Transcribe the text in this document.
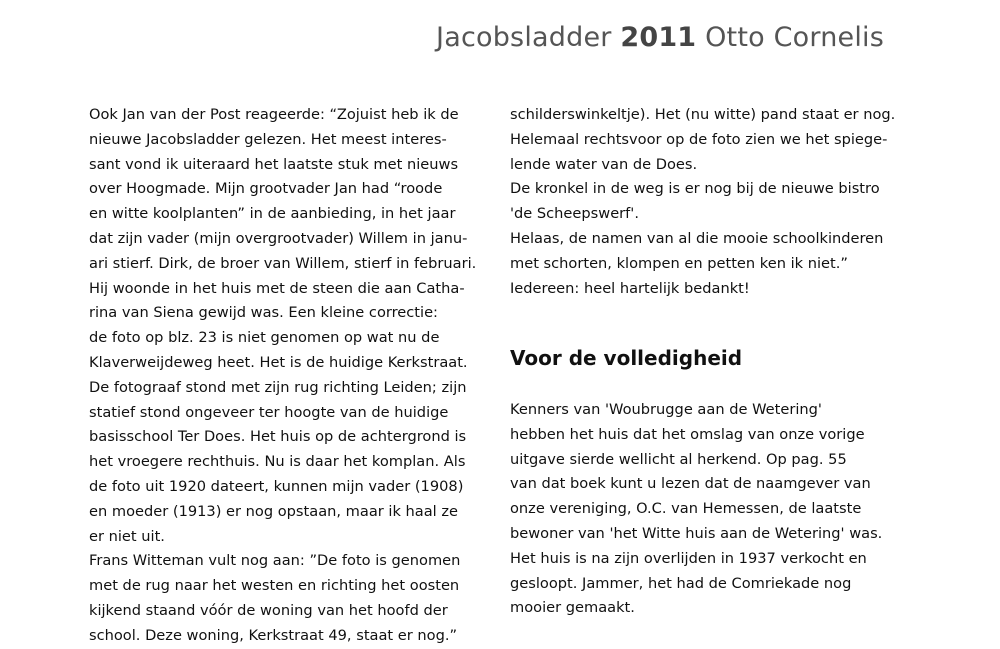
Jacobsladder 2011 Otto Cornelis

Ook Jan van der Post reageerde: “Zojuist heb ik de

nieuwe Jacobsladder gelezen. Het meest interes-

sant vond ik uiteraard het laatste stuk met nieuws

over Hoogmade. Mijn grootvader Jan had “roode

en witte koolplanten” in de aanbieding, in het jaar

dat zijn vader (mijn overgrootvader) Willem in janu-

ari stierf. Dirk, de broer van Willem, stierf in februari.

Hij woonde in het huis met de steen die aan Catha-

rina van Siena gewijd was. Een kleine correctie:

de foto op blz. 23 is niet genomen op wat nu de

Klaverweijdeweg heet. Het is de huidige Kerkstraat.

De fotograaf stond met zijn rug richting Leiden; zijn

statief stond ongeveer ter hoogte van de huidige

basisschool Ter Does. Het huis op de achtergrond is

het vroegere rechthuis. Nu is daar het komplan. Als

de foto uit 1920 dateert, kunnen mijn vader (1908)

en moeder (1913) er nog opstaan, maar ik haal ze

er niet uit.

Frans Witteman vult nog aan: ”De foto is genomen

met de rug naar het westen en richting het oosten

kijkend staand vóór de woning van het hoofd der

school. Deze woning, Kerkstraat 49, staat er nog.”

schilderswinkeltje). Het (nu witte) pand staat er nog.

Helemaal rechtsvoor op de foto zien we het spiege-

lende water van de Does.

De kronkel in de weg is er nog bij de nieuwe bistro

'de Scheepswerf'.

Helaas, de namen van al die mooie schoolkinderen

met schorten, klompen en petten ken ik niet.”

Iedereen: heel hartelijk bedankt!

Voor de volledigheid

Kenners van 'Woubrugge aan de Wetering'

hebben het huis dat het omslag van onze vorige

uitgave sierde wellicht al herkend. Op pag. 55

van dat boek kunt u lezen dat de naamgever van

onze vereniging, O.C. van Hemessen, de laatste

bewoner van 'het Witte huis aan de Wetering' was.

Het huis is na zijn overlijden in 1937 verkocht en

gesloopt. Jammer, het had de Comriekade nog

mooier gemaakt.
